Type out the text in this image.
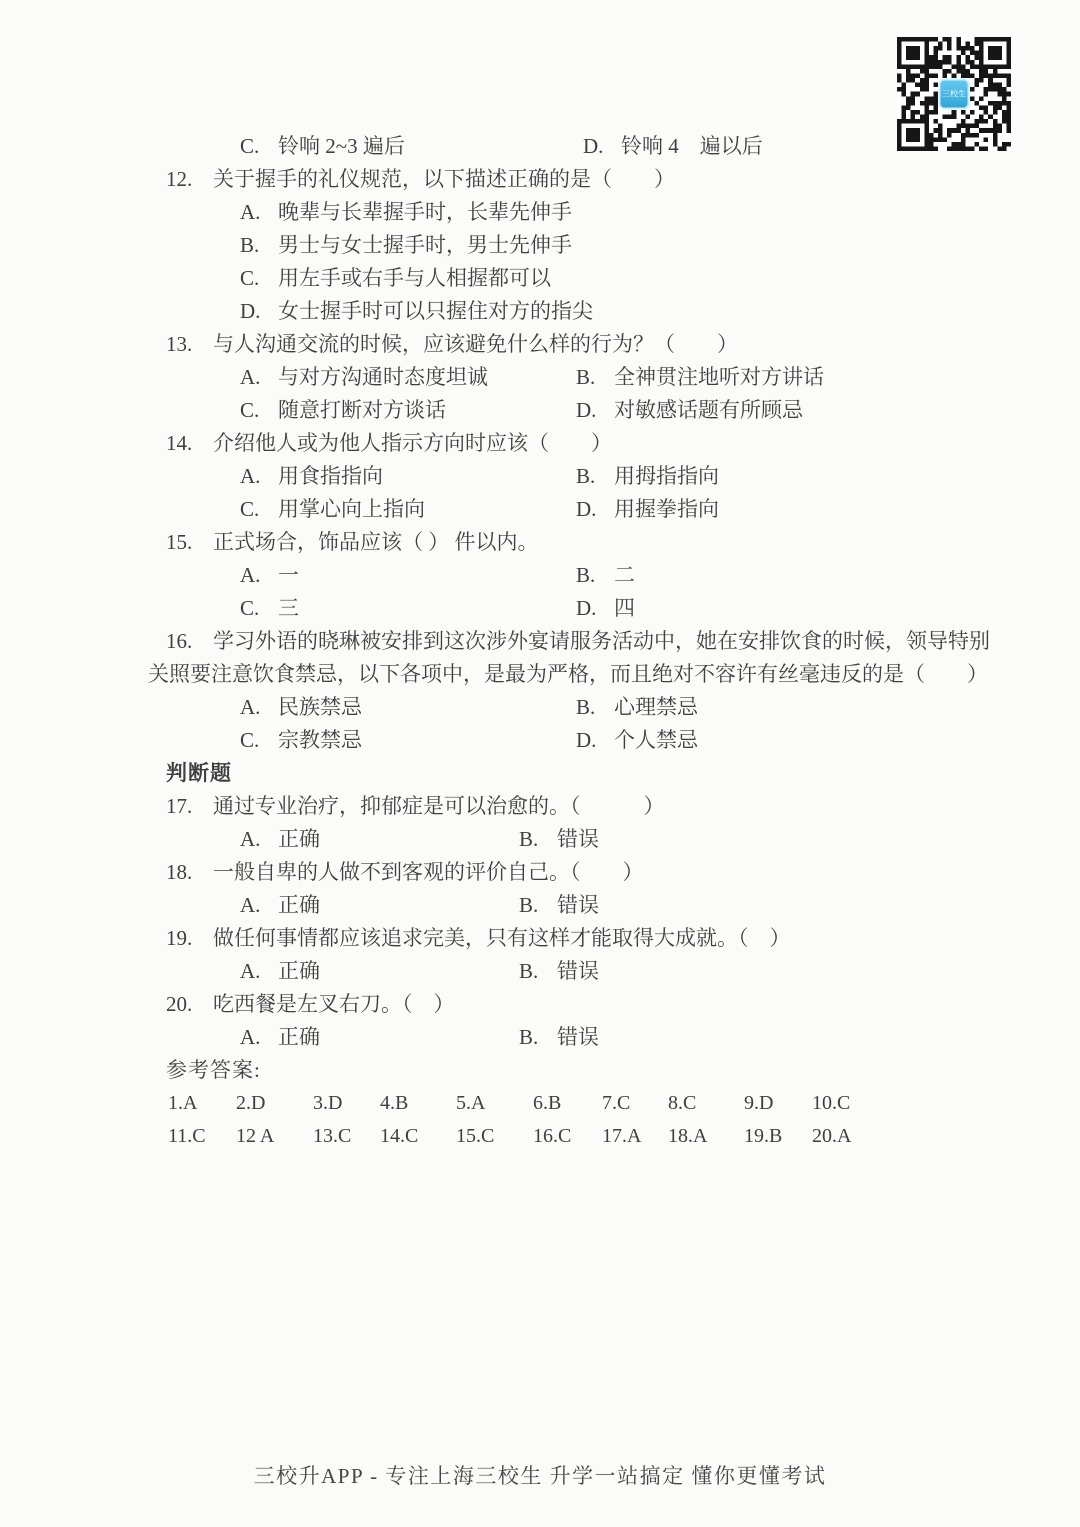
三校生
C. 铃响 2~3 遍后	D. 铃响 4　遍以后
12. 关于握手的礼仪规范，以下描述正确的是（　　）
A. 晚辈与长辈握手时，长辈先伸手
B. 男士与女士握手时，男士先伸手
C. 用左手或右手与人相握都可以
D. 女士握手时可以只握住对方的指尖
13. 与人沟通交流的时候，应该避免什么样的行为？（　　）
A. 与对方沟通时态度坦诚	B. 全神贯注地听对方讲话
C. 随意打断对方谈话	D. 对敏感话题有所顾忌
14. 介绍他人或为他人指示方向时应该（　　）
A. 用食指指向	B. 用拇指指向
C. 用掌心向上指向	D. 用握拳指向
15. 正式场合，饰品应该（ ） 件以内。
A. 一	B. 二
C. 三	D. 四
16. 学习外语的晓琳被安排到这次涉外宴请服务活动中，她在安排饮食的时候，领导特别
关照要注意饮食禁忌，以下各项中，是最为严格，而且绝对不容许有丝毫违反的是（　　）
A. 民族禁忌	B. 心理禁忌
C. 宗教禁忌	D. 个人禁忌
判断题
17. 通过专业治疗，抑郁症是可以治愈的。（　　　）
A. 正确	B. 错误
18. 一般自卑的人做不到客观的评价自己。（　　）
A. 正确	B. 错误
19. 做任何事情都应该追求完美，只有这样才能取得大成就。（　）
A. 正确	B. 错误
20. 吃西餐是左叉右刀。（　）
A. 正确	B. 错误
参考答案:
1.A	2.D	3.D	4.B	5.A	6.B	7.C	8.C	9.D	10.C
11.C	12 A	13.C	14.C	15.C	16.C	17.A	18.A	19.B	20.A
三校升APP - 专注上海三校生 升学一站搞定 懂你更懂考试
